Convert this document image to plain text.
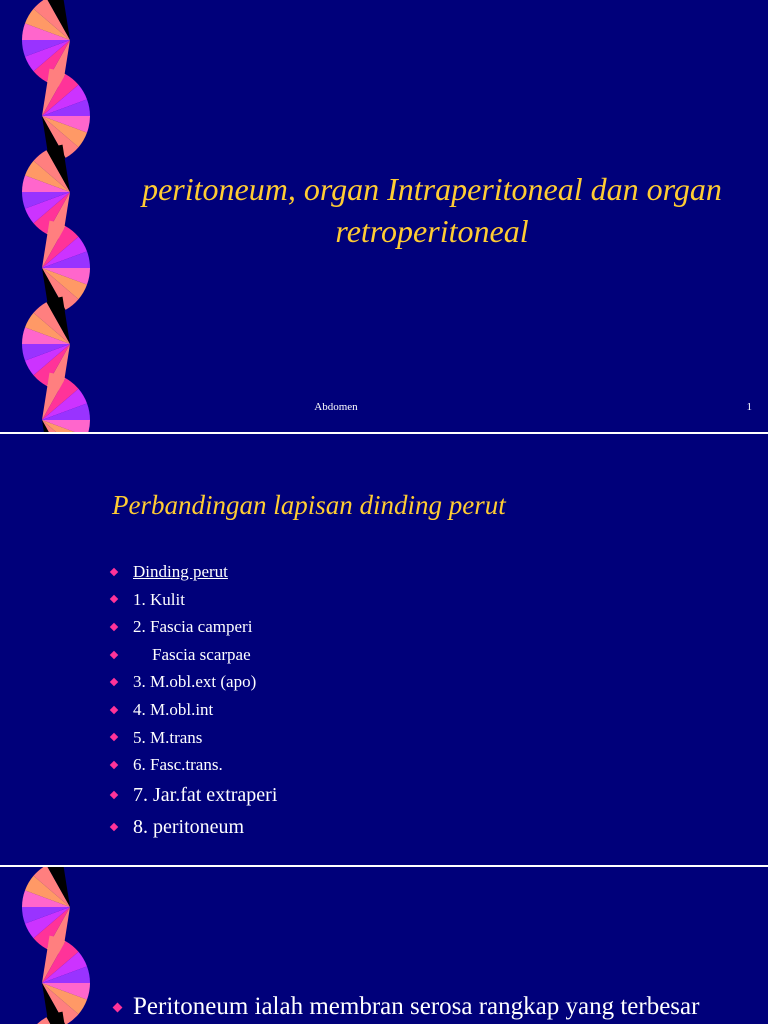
peritoneum, organ Intraperitoneal dan organ retroperitoneal
Abdomen	1
Perbandingan lapisan dinding perut
Dinding perut
1. Kulit
2. Fascia camperi
Fascia scarpae
3. M.obl.ext (apo)
4. M.obl.int
5. M.trans
6. Fasc.trans.
7. Jar.fat extraperi
8. peritoneum
Peritoneum ialah membran serosa rangkap yang terbesar
